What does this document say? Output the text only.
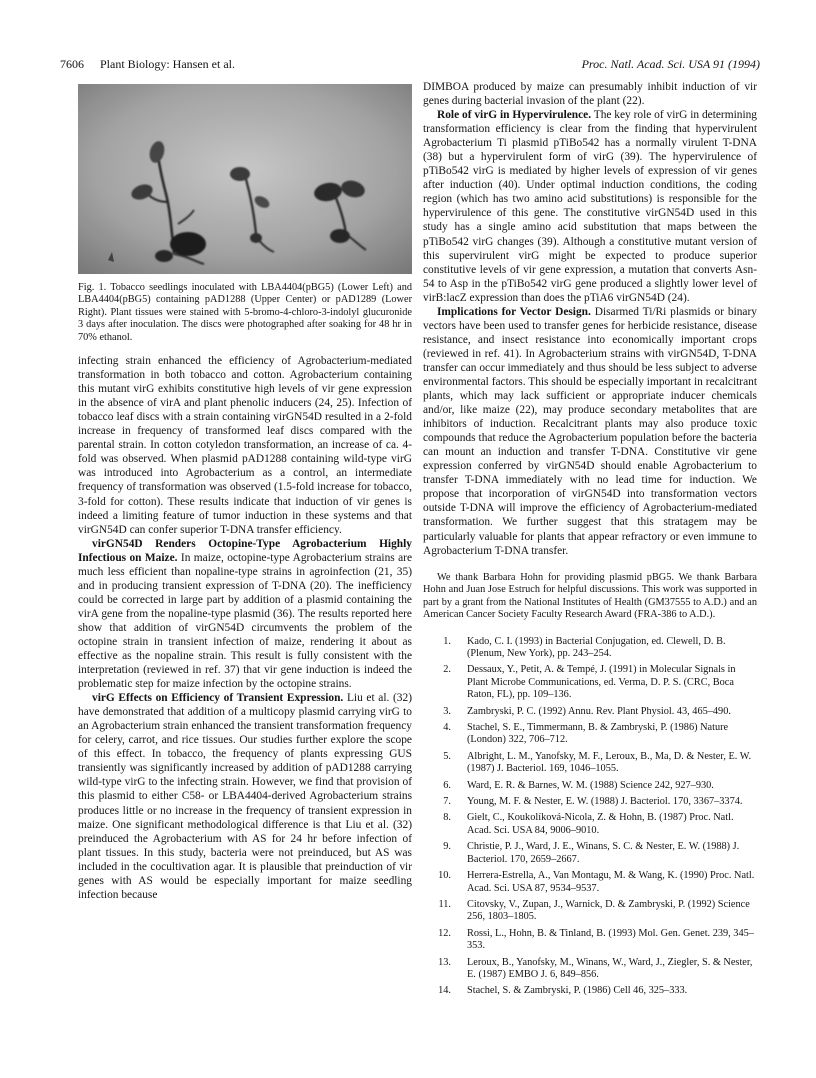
7606 Plant Biology: Hansen et al.	Proc. Natl. Acad. Sci. USA 91 (1994)

Fig. 1. Tobacco seedlings inoculated with LBA4404(pBG5) (Lower Left) and LBA4404(pBG5) containing pAD1288 (Upper Center) or pAD1289 (Lower Right). Plant tissues were stained with 5-bromo-4-chloro-3-indolyl glucuronide 3 days after inoculation. The discs were photographed after soaking for 48 hr in 70% ethanol.

infecting strain enhanced the efficiency of Agrobacterium-mediated transformation in both tobacco and cotton. Agrobacterium containing this mutant virG exhibits constitutive high levels of vir gene expression in the absence of virA and plant phenolic inducers (24, 25). Infection of tobacco leaf discs with a strain containing virGN54D resulted in a 2-fold increase in frequency of transformed leaf discs compared with the parental strain. In cotton cotyledon transformation, an increase of ca. 4-fold was observed. When plasmid pAD1288 containing wild-type virG was introduced into Agrobacterium as a control, an intermediate frequency of transformation was observed (1.5-fold increase for tobacco, 3-fold for cotton). These results indicate that induction of vir genes is indeed a limiting feature of tumor induction in these systems and that virGN54D can confer superior T-DNA transfer efficiency.

virGN54D Renders Octopine-Type Agrobacterium Highly Infectious on Maize. In maize, octopine-type Agrobacterium strains are much less efficient than nopaline-type strains in agroinfection (21, 35) and in producing transient expression of T-DNA (20). The inefficiency could be corrected in large part by addition of a plasmid containing the virA gene from the nopaline-type plasmid (36). The results reported here show that addition of virGN54D circumvents the problem of the octopine strain in transient infection of maize, rendering it about as effective as the nopaline strain. This result is fully consistent with the interpretation (reviewed in ref. 37) that vir gene induction is indeed the problematic step for maize infection by the octopine strains.

virG Effects on Efficiency of Transient Expression. Liu et al. (32) have demonstrated that addition of a multicopy plasmid carrying virG to an Agrobacterium strain enhanced the transient transformation frequency for celery, carrot, and rice tissues. Our studies further explore the scope of this effect. In tobacco, the frequency of plants expressing GUS transiently was significantly increased by addition of pAD1288 carrying wild-type virG to the infecting strain. However, we find that provision of this plasmid to either C58- or LBA4404-derived Agrobacterium strains produces little or no increase in the frequency of transient expression in maize. One significant methodological difference is that Liu et al. (32) preinduced the Agrobacterium with AS for 24 hr before infection of plant tissues. In this study, bacteria were not preinduced, but AS was included in the cocultivation agar. It is plausible that preinduction of vir genes with AS would be especially important for maize seedling infection because

DIMBOA produced by maize can presumably inhibit induction of vir genes during bacterial invasion of the plant (22).

Role of virG in Hypervirulence. The key role of virG in determining transformation efficiency is clear from the finding that hypervirulent Agrobacterium Ti plasmid pTiBo542 has a normally virulent T-DNA (38) but a hypervirulent form of virG (39). The hypervirulence of pTiBo542 virG is mediated by higher levels of expression of vir genes after induction (40). Under optimal induction conditions, the coding region (which has two amino acid substitutions) is responsible for the hypervirulence of this gene. The constitutive virGN54D used in this study has a single amino acid substitution that maps between the pTiBo542 virG changes (39). Although a constitutive mutant version of this supervirulent virG might be expected to produce superior constitutive levels of vir gene expression, a mutation that converts Asn-54 to Asp in the pTiBo542 virG gene produced a slightly lower level of virB:lacZ expression than does the pTiA6 virGN54D (24).

Implications for Vector Design. Disarmed Ti/Ri plasmids or binary vectors have been used to transfer genes for herbicide resistance, disease resistance, and insect resistance into economically important crops (reviewed in ref. 41). In Agrobacterium strains with virGN54D, T-DNA transfer can occur immediately and thus should be less subject to adverse environmental factors. This should be especially important in recalcitrant plants, which may lack sufficient or appropriate inducer chemicals and/or, like maize (22), may produce secondary metabolites that are inhibitors of induction. Recalcitrant plants may also produce toxic compounds that reduce the Agrobacterium population before the bacteria can mount an induction and transfer T-DNA. Constitutive vir gene expression conferred by virGN54D should enable Agrobacterium to transfer T-DNA immediately with no lead time for induction. We propose that incorporation of virGN54D into transformation vectors outside T-DNA will improve the efficiency of Agrobacterium-mediated transformation. We further suggest that this stratagem may be particularly valuable for plants that appear refractory or even immune to Agrobacterium T-DNA transfer.

We thank Barbara Hohn for providing plasmid pBG5. We thank Barbara Hohn and Juan Jose Estruch for helpful discussions. This work was supported in part by a grant from the National Institutes of Health (GM37555 to A.D.) and an American Cancer Society Faculty Research Award (FRA-386 to A.D.).

1. Kado, C. I. (1993) in Bacterial Conjugation, ed. Clewell, D. B. (Plenum, New York), pp. 243–254.
2. Dessaux, Y., Petit, A. & Tempé, J. (1991) in Molecular Signals in Plant Microbe Communications, ed. Verma, D. P. S. (CRC, Boca Raton, FL), pp. 109–136.
3. Zambryski, P. C. (1992) Annu. Rev. Plant Physiol. 43, 465–490.
4. Stachel, S. E., Timmermann, B. & Zambryski, P. (1986) Nature (London) 322, 706–712.
5. Albright, L. M., Yanofsky, M. F., Leroux, B., Ma, D. & Nester, E. W. (1987) J. Bacteriol. 169, 1046–1055.
6. Ward, E. R. & Barnes, W. M. (1988) Science 242, 927–930.
7. Young, M. F. & Nester, E. W. (1988) J. Bacteriol. 170, 3367–3374.
8. Gielt, C., Koukolíková-Nicola, Z. & Hohn, B. (1987) Proc. Natl. Acad. Sci. USA 84, 9006–9010.
9. Christie, P. J., Ward, J. E., Winans, S. C. & Nester, E. W. (1988) J. Bacteriol. 170, 2659–2667.
10. Herrera-Estrella, A., Van Montagu, M. & Wang, K. (1990) Proc. Natl. Acad. Sci. USA 87, 9534–9537.
11. Citovsky, V., Zupan, J., Warnick, D. & Zambryski, P. (1992) Science 256, 1803–1805.
12. Rossi, L., Hohn, B. & Tinland, B. (1993) Mol. Gen. Genet. 239, 345–353.
13. Leroux, B., Yanofsky, M., Winans, W., Ward, J., Ziegler, S. & Nester, E. (1987) EMBO J. 6, 849–856.
14. Stachel, S. & Zambryski, P. (1986) Cell 46, 325–333.
